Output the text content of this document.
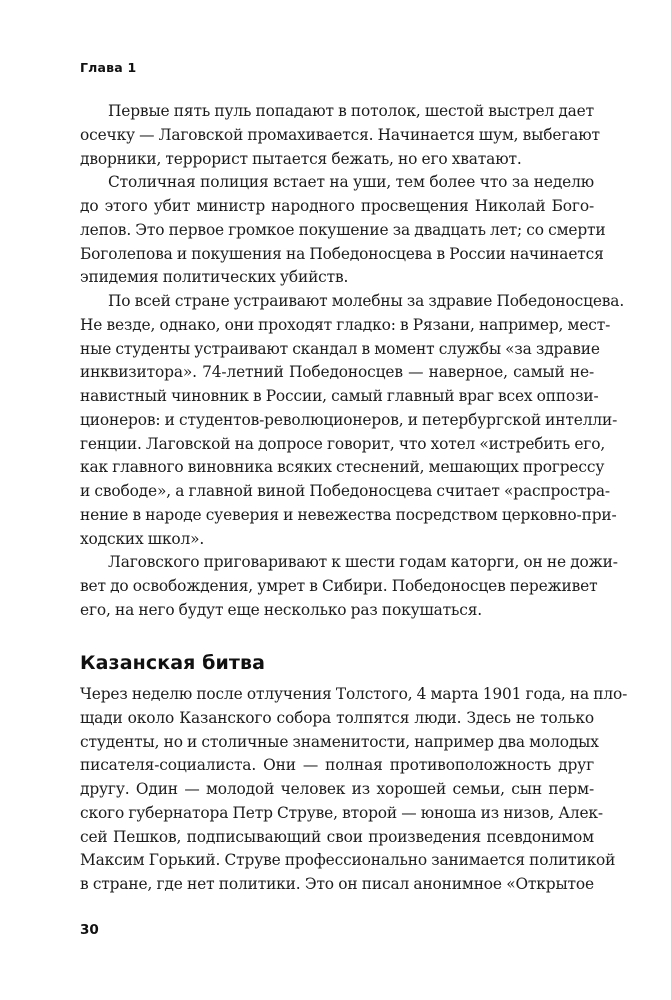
Глава 1
Первые пять пуль попадают в потолок, шестой выстрел дает
осечку — Лаговской промахивается. Начинается шум, выбегают
дворники, террорист пытается бежать, но его хватают.
Столичная полиция встает на уши, тем более что за неделю
до этого убит министр народного просвещения Николай Бого-
лепов. Это первое громкое покушение за двадцать лет; со смерти
Боголепова и покушения на Победоносцева в России начинается
эпидемия политических убийств.
По всей стране устраивают молебны за здравие Победоносцева.
Не везде, однако, они проходят гладко: в Рязани, например, мест-
ные студенты устраивают скандал в момент службы «за здравие
инквизитора». 74-летний Победоносцев — наверное, самый не-
навистный чиновник в России, самый главный враг всех оппози-
ционеров: и студентов-революционеров, и петербургской интелли-
генции. Лаговской на допросе говорит, что хотел «истребить его,
как главного виновника всяких стеснений, мешающих прогрессу
и свободе», а главной виной Победоносцева считает «распростра-
нение в народе суеверия и невежества посредством церковно-при-
ходских школ».
Лаговского приговаривают к шести годам каторги, он не дожи-
вет до освобождения, умрет в Сибири. Победоносцев переживет
его, на него будут еще несколько раз покушаться.
Казанская битва
Через неделю после отлучения Толстого, 4 марта 1901 года, на пло-
щади около Казанского собора толпятся люди. Здесь не только
студенты, но и столичные знаменитости, например два молодых
писателя-социалиста. Они — полная противоположность друг
другу. Один — молодой человек из хорошей семьи, сын перм-
ского губернатора Петр Струве, второй — юноша из низов, Алек-
сей Пешков, подписывающий свои произведения псевдонимом
Максим Горький. Струве профессионально занимается политикой
в стране, где нет политики. Это он писал анонимное «Открытое
30
